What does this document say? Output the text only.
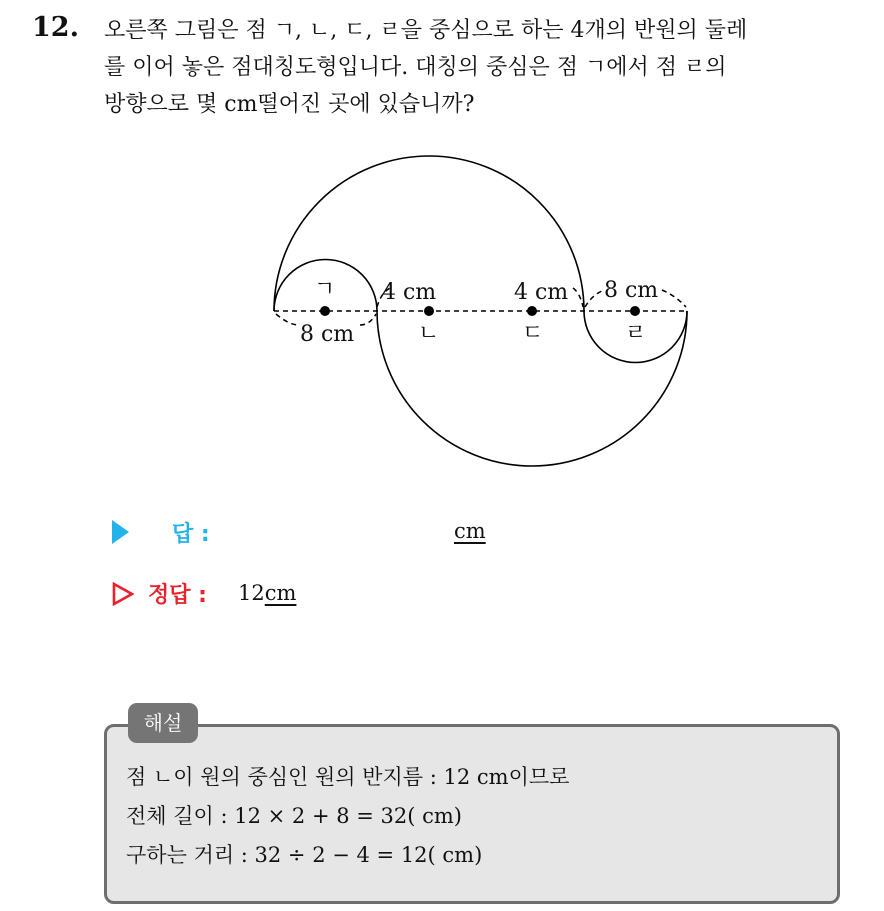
12. 오른쪽 그림은 점 ㄱ, ㄴ, ㄷ, ㄹ을 중심으로 하는 4개의 반원의 둘레
를 이어 놓은 점대칭도형입니다. 대칭의 중심은 점 ㄱ에서 점 ㄹ의
방향으로 몇 cm떨어진 곳에 있습니까?
ㄱ
ㄴ	ㄷ	ㄹ
8 cm
4 cm	4 cm 8 cm
답 :	cm
정답 : 12cm
해설
점 ㄴ이 원의 중심인 원의 반지름 : 12 cm이므로
전체 길이 : 12 × 2 + 8 = 32( cm)
구하는 거리 : 32 ÷ 2 − 4 = 12( cm)
